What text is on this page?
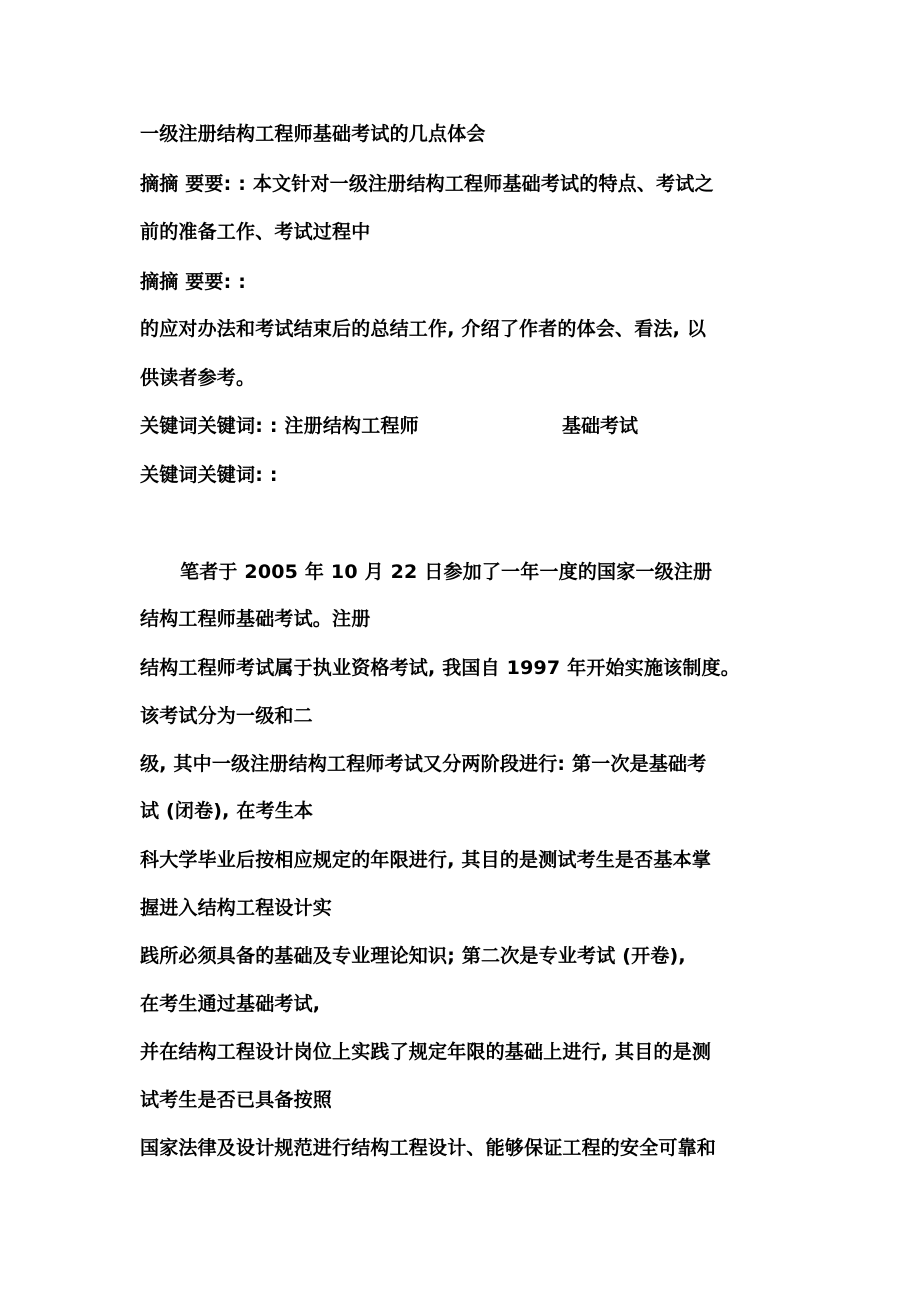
一级注册结构工程师基础考试的几点体会
摘摘 要要: : 本文针对一级注册结构工程师基础考试的特点、考试之
前的准备工作、考试过程中
摘摘 要要: :
的应对办法和考试结束后的总结工作, 介绍了作者的体会、看法, 以
供读者参考。
关键词关键词: : 注册结构工程师	基础考试
关键词关键词: :
笔者于 2005 年 10 月 22 日参加了一年一度的国家一级注册
结构工程师基础考试。注册
结构工程师考试属于执业资格考试, 我国自 1997 年开始实施该制度。
该考试分为一级和二
级, 其中一级注册结构工程师考试又分两阶段进行: 第一次是基础考
试 (闭卷), 在考生本
科大学毕业后按相应规定的年限进行, 其目的是测试考生是否基本掌
握进入结构工程设计实
践所必须具备的基础及专业理论知识; 第二次是专业考试 (开卷),
在考生通过基础考试,
并在结构工程设计岗位上实践了规定年限的基础上进行, 其目的是测
试考生是否已具备按照
国家法律及设计规范进行结构工程设计、能够保证工程的安全可靠和
